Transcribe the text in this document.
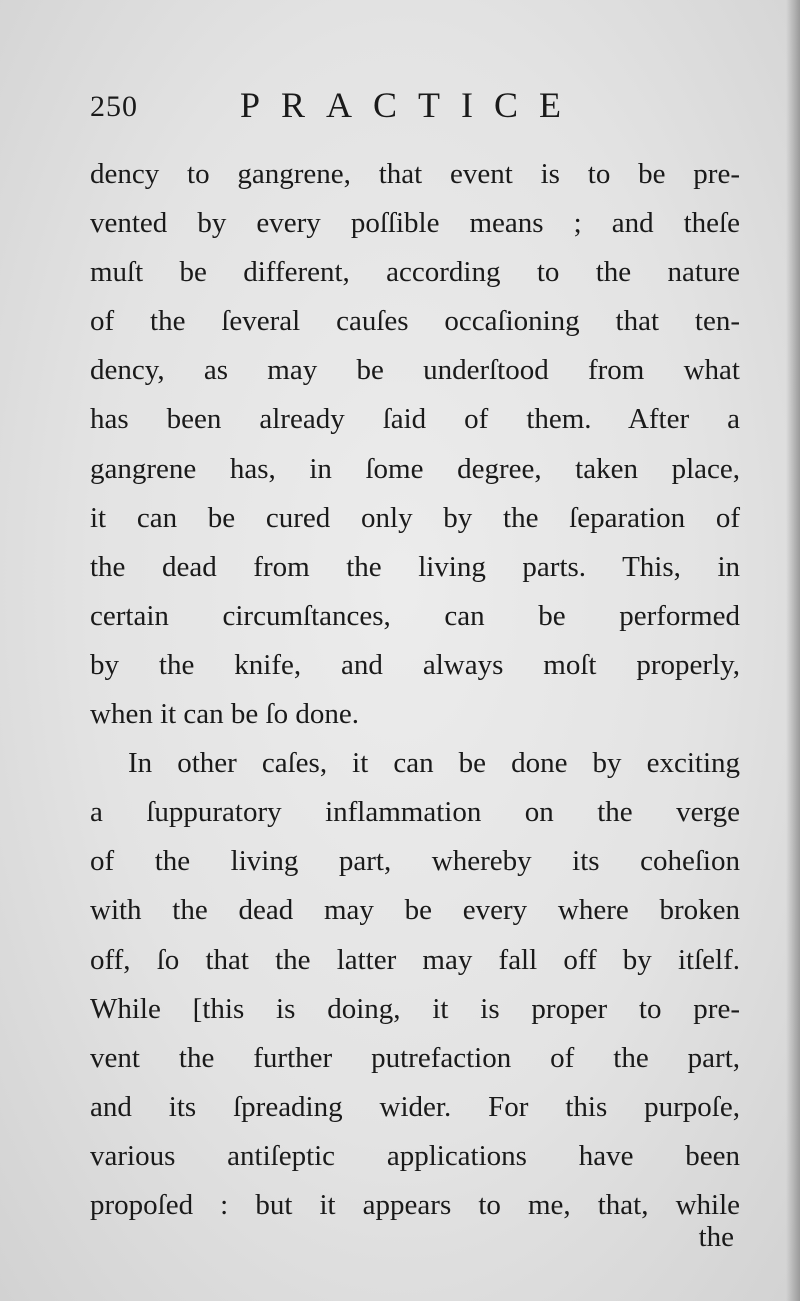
250	PRACTICE
dency to gangrene, that event is to be pre-
vented by every poſſible means ; and theſe
muſt be different, according to the nature
of the ſeveral cauſes occaſioning that ten-
dency, as may be underſtood from what
has been already ſaid of them. After a
gangrene has, in ſome degree, taken place,
it can be cured only by the ſeparation of
the dead from the living parts. This, in
certain circumſtances, can be performed
by the knife, and always moſt properly,
when it can be ſo done.
In other caſes, it can be done by exciting
a ſuppuratory inflammation on the verge
of the living part, whereby its coheſion
with the dead may be every where broken
off, ſo that the latter may fall off by itſelf.
While [this is doing, it is proper to pre-
vent the further putrefaction of the part,
and its ſpreading wider. For this purpoſe,
various antiſeptic applications have been
propoſed : but it appears to me, that, while
the
